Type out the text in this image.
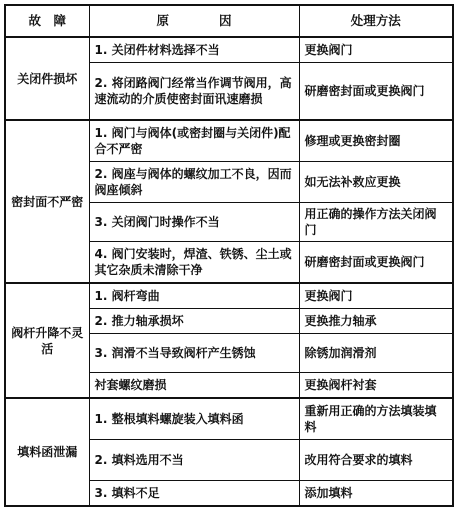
故　障	原　　　　因	处理方法
关闭件损坏	1. 关闭件材料选择不当	更换阀门
	2. 将闭路阀门经常当作调节阀用，高速流动的介质使密封面讯速磨损	研磨密封面或更换阀门
密封面不严密	1. 阀门与阀体(或密封圈与关闭件)配合不严密	修理或更换密封圈
	2. 阀座与阀体的螺纹加工不良，因而阀座倾斜	如无法补救应更换
	3. 关闭阀门时操作不当	用正确的操作方法关闭阀门
	4. 阀门安装时，焊渣、铁锈、尘土或其它杂质未清除干净	研磨密封面或更换阀门
阀杆升降不灵活	1. 阀杆弯曲	更换阀门
	2. 推力轴承损坏	更换推力轴承
	3. 润滑不当导致阀杆产生锈蚀	除锈加润滑剂
	衬套螺纹磨损	更换阀杆衬套
填料函泄漏	1. 整根填料螺旋装入填料函	重新用正确的方法填装填料
	2. 填料选用不当	改用符合要求的填料
	3. 填料不足	添加填料
